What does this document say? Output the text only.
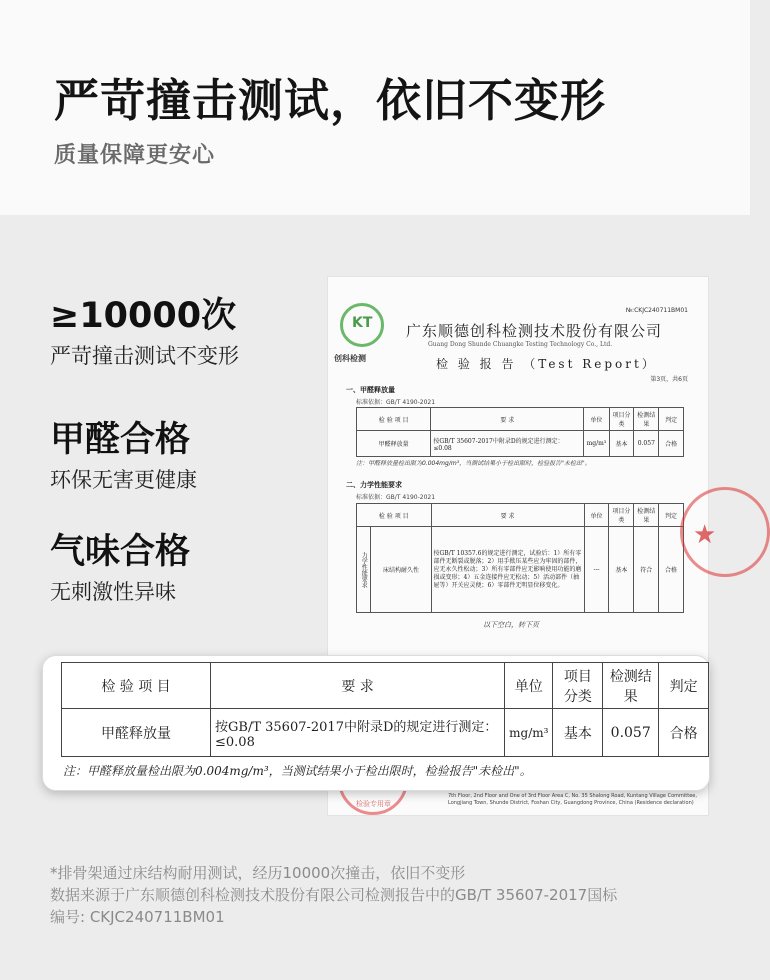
严苛撞击测试，依旧不变形
质量保障更安心
≥10000次
严苛撞击测试不变形
甲醛合格
环保无害更健康
气味合格
无刺激性异味
KT
创科检测
№:CKJC240711BM01
广东顺德创科检测技术股份有限公司
Guang Dong Shunde Chuangke Testing Technology Co., Ltd.
检 验 报 告 （Test Report）
第3页，共6页
一、甲醛释放量
标准依据：GB/T 4190-2021
检 验 项 目	要 求	单位	项目分类	检测结果	判定
甲醛释放量	按GB/T 35607-2017中附录D的规定进行测定：≤0.08	mg/m³	基本	0.057	合格
注：甲醛释放量检出限为0.004mg/m³，当测试结果小于检出限时，检验报告"未检出"。
二、力学性能要求
标准依据：GB/T 4190-2021
检 验 项 目		要 求	单位	项目分类	检测结果	判定
力学性能要求	床结构耐久性	按GB/T 10357.6的规定进行测定，试验后：1）所有零部件无断裂或脱落；2）用手揿压某些应为牢固的部件，应无永久性松动；3）所有零部件应无影响使用功能的磨损或变形；4）五金连接件应无松动；5）活动部件（抽屉等）开关应灵便；6）零部件无明显位移变化。	---	基本	符合	合格
以下空白，转下页
★
检验专用章
7th Floor, 2nd Floor and One of 3rd Floor Area C, No. 35 Shalong Road, Kuntang Village Committee, Longjiang Town, Shunde District, Foshan City, Guangdong Province, China (Residence declaration)
检 验 项 目	要 求	单位	项目分类	检测结果	判定
甲醛释放量	按GB/T 35607-2017中附录D的规定进行测定：≤0.08	mg/m³	基本	0.057	合格
注：甲醛释放量检出限为0.004mg/m³，当测试结果小于检出限时，检验报告"未检出"。
*排骨架通过床结构耐用测试，经历10000次撞击，依旧不变形
数据来源于广东顺德创科检测技术股份有限公司检测报告中的GB/T 35607-2017国标
编号: CKJC240711BM01
